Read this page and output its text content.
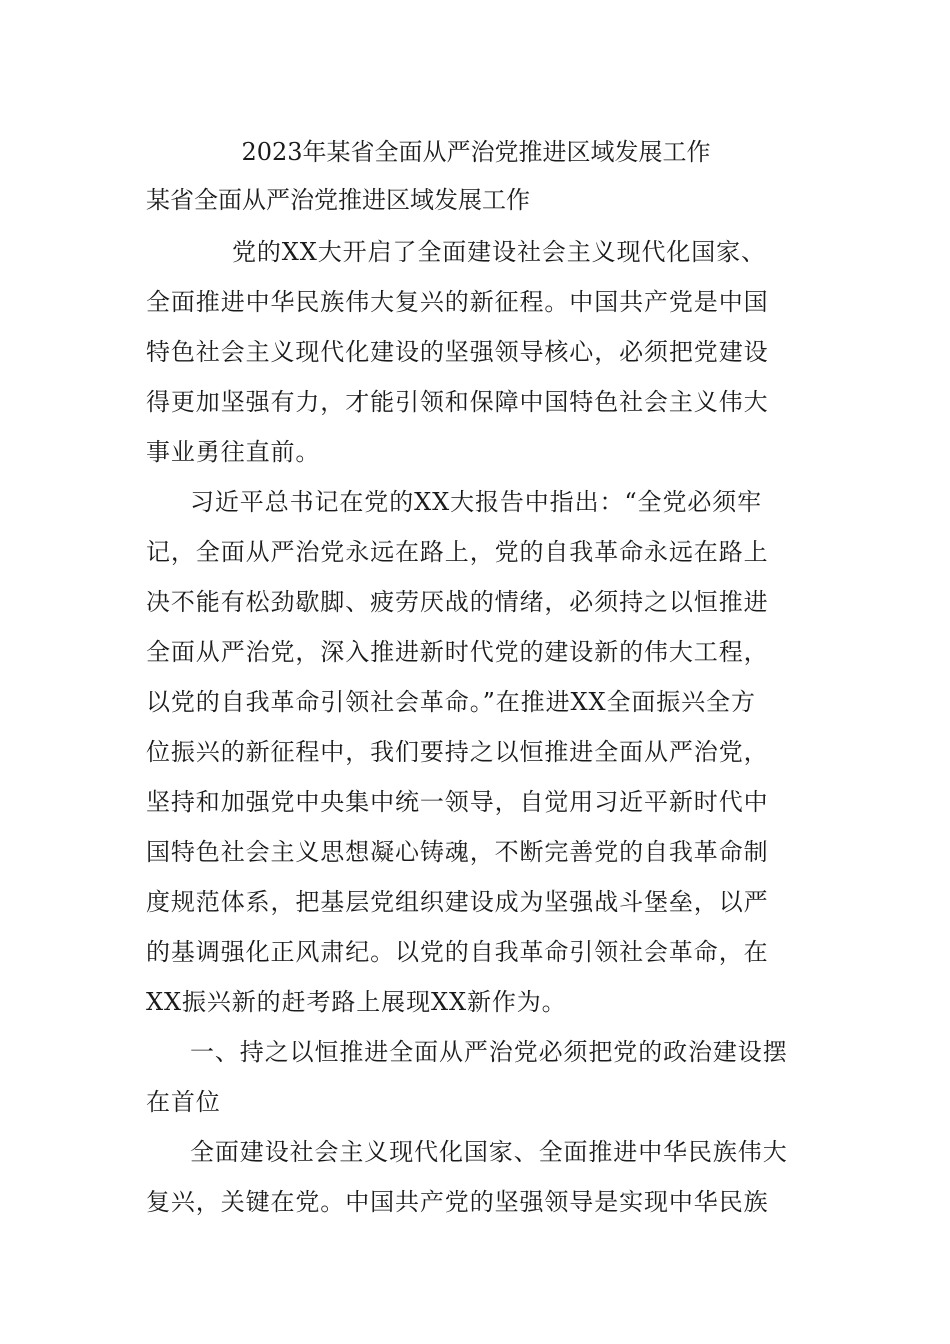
2023年某省全面从严治党推进区域发展工作

某省全面从严治党推进区域发展工作

党的XX大开启了全面建设社会主义现代化国家、

全面推进中华民族伟大复兴的新征程。中国共产党是中国

特色社会主义现代化建设的坚强领导核心，必须把党建设

得更加坚强有力，才能引领和保障中国特色社会主义伟大

事业勇往直前。

习近平总书记在党的XX大报告中指出：“全党必须牢

记，全面从严治党永远在路上，党的自我革命永远在路上

决不能有松劲歇脚、疲劳厌战的情绪，必须持之以恒推进

全面从严治党，深入推进新时代党的建设新的伟大工程，

以党的自我革命引领社会革命。”在推进XX全面振兴全方

位振兴的新征程中，我们要持之以恒推进全面从严治党，

坚持和加强党中央集中统一领导，自觉用习近平新时代中

国特色社会主义思想凝心铸魂，不断完善党的自我革命制

度规范体系，把基层党组织建设成为坚强战斗堡垒，以严

的基调强化正风肃纪。以党的自我革命引领社会革命，在

XX振兴新的赶考路上展现XX新作为。

一、持之以恒推进全面从严治党必须把党的政治建设摆

在首位

全面建设社会主义现代化国家、全面推进中华民族伟大

复兴，关键在党。中国共产党的坚强领导是实现中华民族
